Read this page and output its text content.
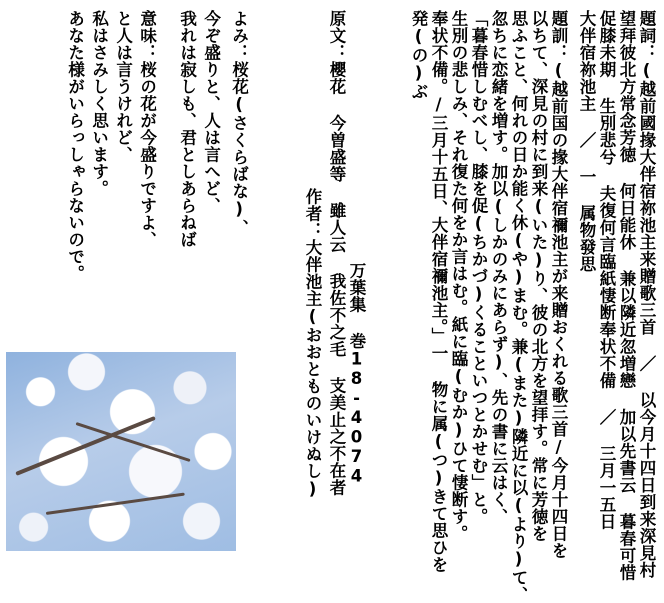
題詞：(越前國掾大伴宿祢池主来贈歌三首 ／ 以今月十四日到来深見村
望拜彼北方常念芳徳 何日能休 兼以隣近忽増戀 加以先書云 暮春可惜
促膝未期 生別悲兮 夫復何言臨紙悽断奉状不備 ／ 三月一五日
大伴宿祢池主 ／ 一 属物發思
題訓：(越前国の掾大伴宿禰池主が来贈おくれる歌三首/今月十四日を
以ちて、深見の村に到来(いた)り、彼の北方を望拝す。常に芳徳を
思ふこと、何れの日か能く休(や)まむ。兼(また)隣近に以(より)て、
忽ちに恋緒を増す。加以(しかのみにあらず)、先の書に云はく、
「暮春惜しむべし、膝を促(ちかづ)くることいつとかせむ」と。
生別の悲しみ、それ復た何をか言はむ。紙に臨(むか)ひて悽断す。
奉状不備。/三月十五日、大伴宿禰池主。」一 物に属(つ)きて思ひを
発(の)ぶ
原文：櫻花 今曽盛等 雖人云 我佐不之毛 支美止之不在者 万葉集 巻18-4074
作者：大伴池主(おおとものいけぬし)
よみ：桜花(さくらばな)、
今ぞ盛りと、人は言へど、
我れは寂しも、君としあらねば
意味：桜の花が今盛りですよ、
と人は言うけれど、
私はさみしく思います。
あなた様がいらっしゃらないので。
